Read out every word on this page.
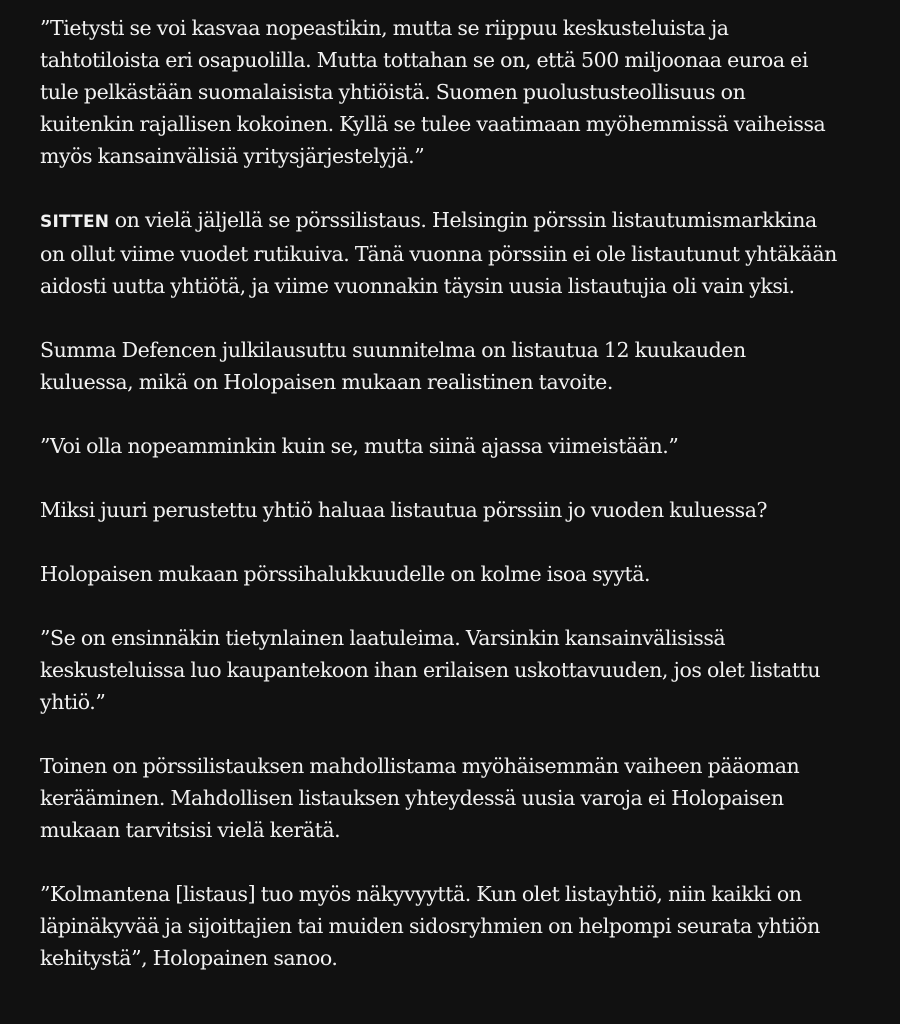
”Tietysti se voi kasvaa nopeastikin, mutta se riippuu keskusteluista ja tahtotiloista eri osapuolilla. Mutta tottahan se on, että 500 miljoonaa euroa ei tule pelkästään suomalaisista yhtiöistä. Suomen puolustusteollisuus on kuitenkin rajallisen kokoinen. Kyllä se tulee vaatimaan myöhemmissä vaiheissa myös kansainvälisiä yritysjärjestelyjä.”

SITTEN on vielä jäljellä se pörssilistaus. Helsingin pörssin listautumismarkkina on ollut viime vuodet rutikuiva. Tänä vuonna pörssiin ei ole listautunut yhtäkään aidosti uutta yhtiötä, ja viime vuonnakin täysin uusia listautujia oli vain yksi.

Summa Defencen julkilausuttu suunnitelma on listautua 12 kuukauden kuluessa, mikä on Holopaisen mukaan realistinen tavoite.

”Voi olla nopeamminkin kuin se, mutta siinä ajassa viimeistään.”

Miksi juuri perustettu yhtiö haluaa listautua pörssiin jo vuoden kuluessa?

Holopaisen mukaan pörssihalukkuudelle on kolme isoa syytä.

”Se on ensinnäkin tietynlainen laatuleima. Varsinkin kansainvälisissä keskusteluissa luo kaupantekoon ihan erilaisen uskottavuuden, jos olet listattu yhtiö.”

Toinen on pörssilistauksen mahdollistama myöhäisemmän vaiheen pääoman kerääminen. Mahdollisen listauksen yhteydessä uusia varoja ei Holopaisen mukaan tarvitsisi vielä kerätä.

”Kolmantena [listaus] tuo myös näkyvyyttä. Kun olet listayhtiö, niin kaikki on läpinäkyvää ja sijoittajien tai muiden sidosryhmien on helpompi seurata yhtiön kehitystä”, Holopainen sanoo.
